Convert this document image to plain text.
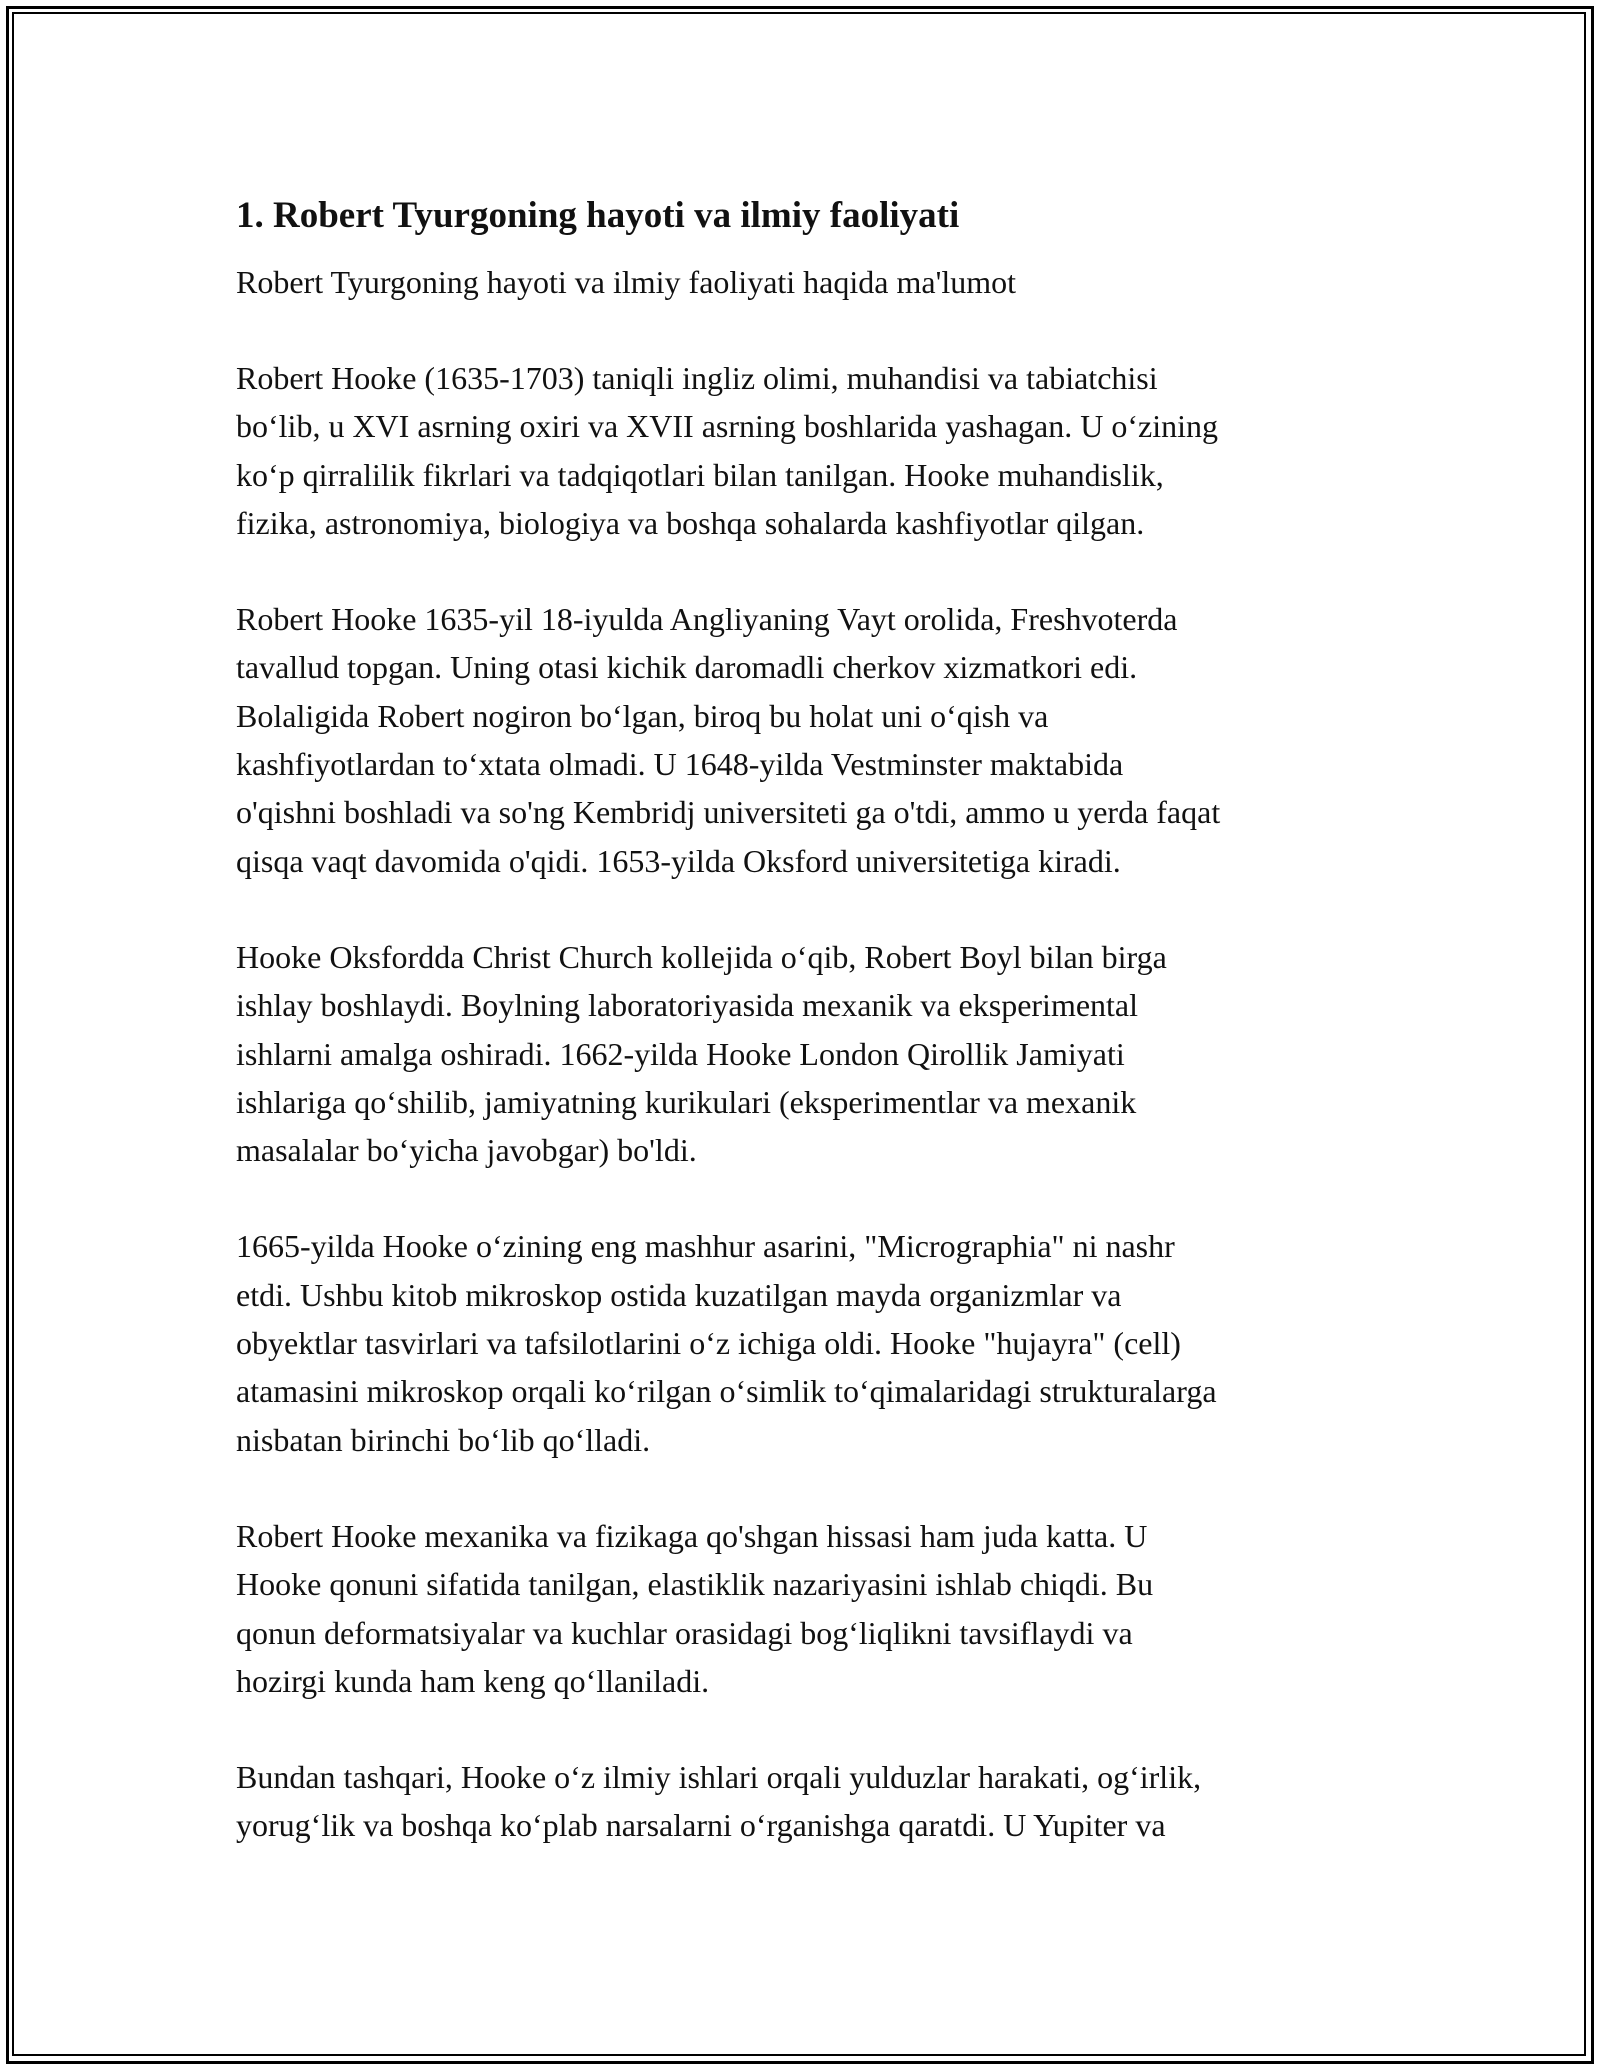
1. Robert Tyurgoning hayoti va ilmiy faoliyati

Robert Tyurgoning hayoti va ilmiy faoliyati haqida ma'lumot

Robert Hooke (1635-1703) taniqli ingliz olimi, muhandisi va tabiatchisi
bo‘lib, u XVI asrning oxiri va XVII asrning boshlarida yashagan. U o‘zining
ko‘p qirralilik fikrlari va tadqiqotlari bilan tanilgan. Hooke muhandislik,
fizika, astronomiya, biologiya va boshqa sohalarda kashfiyotlar qilgan.

Robert Hooke 1635-yil 18-iyulda Angliyaning Vayt orolida, Freshvoterda
tavallud topgan. Uning otasi kichik daromadli cherkov xizmatkori edi.
Bolaligida Robert nogiron bo‘lgan, biroq bu holat uni o‘qish va
kashfiyotlardan to‘xtata olmadi. U 1648-yilda Vestminster maktabida
o'qishni boshladi va so'ng Kembridj universiteti ga o'tdi, ammo u yerda faqat
qisqa vaqt davomida o'qidi. 1653-yilda Oksford universitetiga kiradi.

Hooke Oksfordda Christ Church kollejida o‘qib, Robert Boyl bilan birga
ishlay boshlaydi. Boylning laboratoriyasida mexanik va eksperimental
ishlarni amalga oshiradi. 1662-yilda Hooke London Qirollik Jamiyati
ishlariga qo‘shilib, jamiyatning kurikulari (eksperimentlar va mexanik
masalalar bo‘yicha javobgar) bo'ldi.

1665-yilda Hooke o‘zining eng mashhur asarini, "Micrographia" ni nashr
etdi. Ushbu kitob mikroskop ostida kuzatilgan mayda organizmlar va
obyektlar tasvirlari va tafsilotlarini o‘z ichiga oldi. Hooke "hujayra" (cell)
atamasini mikroskop orqali ko‘rilgan o‘simlik to‘qimalaridagi strukturalarga
nisbatan birinchi bo‘lib qo‘lladi.

Robert Hooke mexanika va fizikaga qo'shgan hissasi ham juda katta. U
Hooke qonuni sifatida tanilgan, elastiklik nazariyasini ishlab chiqdi. Bu
qonun deformatsiyalar va kuchlar orasidagi bog‘liqlikni tavsiflaydi va
hozirgi kunda ham keng qo‘llaniladi.

Bundan tashqari, Hooke o‘z ilmiy ishlari orqali yulduzlar harakati, og‘irlik,
yorug‘lik va boshqa ko‘plab narsalarni o‘rganishga qaratdi. U Yupiter va
